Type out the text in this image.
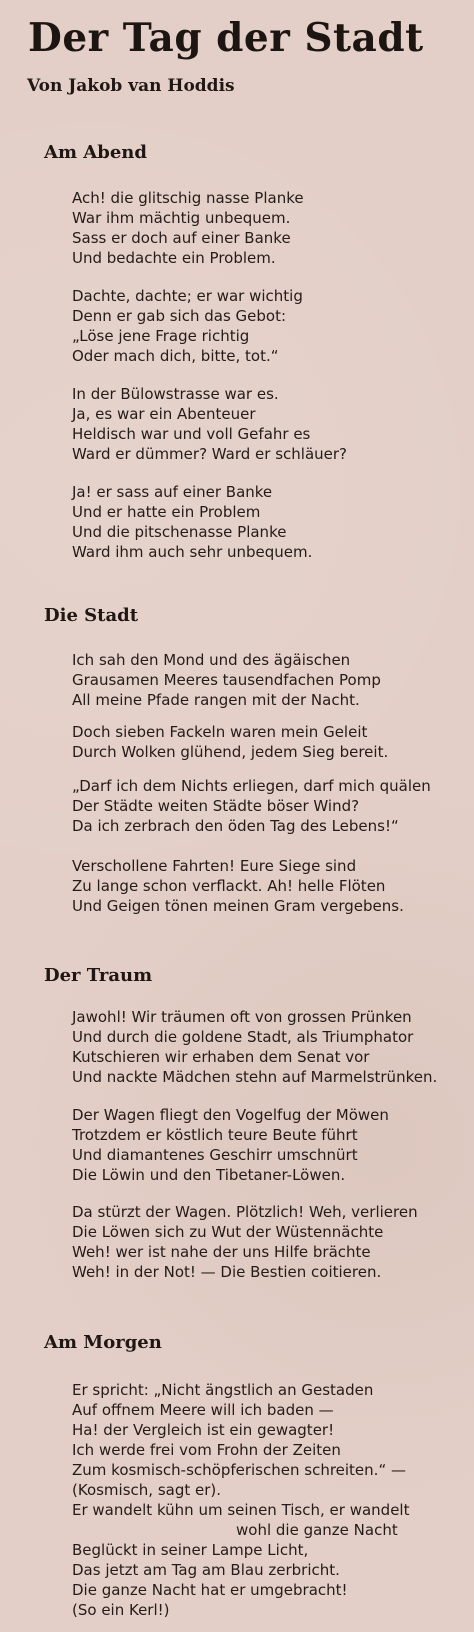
Der Tag der Stadt
Von Jakob van Hoddis
Am Abend
Ach! die glitschig nasse Planke
War ihm mächtig unbequem.
Sass er doch auf einer Banke
Und bedachte ein Problem.
Dachte, dachte; er war wichtig
Denn er gab sich das Gebot:
„Löse jene Frage richtig
Oder mach dich, bitte, tot.“
In der Bülowstrasse war es.
Ja, es war ein Abenteuer
Heldisch war und voll Gefahr es
Ward er dümmer? Ward er schläuer?
Ja! er sass auf einer Banke
Und er hatte ein Problem
Und die pitschenasse Planke
Ward ihm auch sehr unbequem.
Die Stadt
Ich sah den Mond und des ägäischen
Grausamen Meeres tausendfachen Pomp
All meine Pfade rangen mit der Nacht.
Doch sieben Fackeln waren mein Geleit
Durch Wolken glühend, jedem Sieg bereit.
„Darf ich dem Nichts erliegen, darf mich quälen
Der Städte weiten Städte böser Wind?
Da ich zerbrach den öden Tag des Lebens!“
Verschollene Fahrten! Eure Siege sind
Zu lange schon verflackt. Ah! helle Flöten
Und Geigen tönen meinen Gram vergebens.
Der Traum
Jawohl! Wir träumen oft von grossen Prünken
Und durch die goldene Stadt, als Triumphator
Kutschieren wir erhaben dem Senat vor
Und nackte Mädchen stehn auf Marmelstrünken.
Der Wagen fliegt den Vogelfug der Möwen
Trotzdem er köstlich teure Beute führt
Und diamantenes Geschirr umschnürt
Die Löwin und den Tibetaner-Löwen.
Da stürzt der Wagen. Plötzlich! Weh, verlieren
Die Löwen sich zu Wut der Wüstennächte
Weh! wer ist nahe der uns Hilfe brächte
Weh! in der Not! — Die Bestien coitieren.
Am Morgen
Er spricht: „Nicht ängstlich an Gestaden
Auf offnem Meere will ich baden —
Ha! der Vergleich ist ein gewagter!
Ich werde frei vom Frohn der Zeiten
Zum kosmisch-schöpferischen schreiten.“ —
(Kosmisch, sagt er).
Er wandelt kühn um seinen Tisch, er wandelt
wohl die ganze Nacht
Beglückt in seiner Lampe Licht,
Das jetzt am Tag am Blau zerbricht.
Die ganze Nacht hat er umgebracht!
(So ein Kerl!)
